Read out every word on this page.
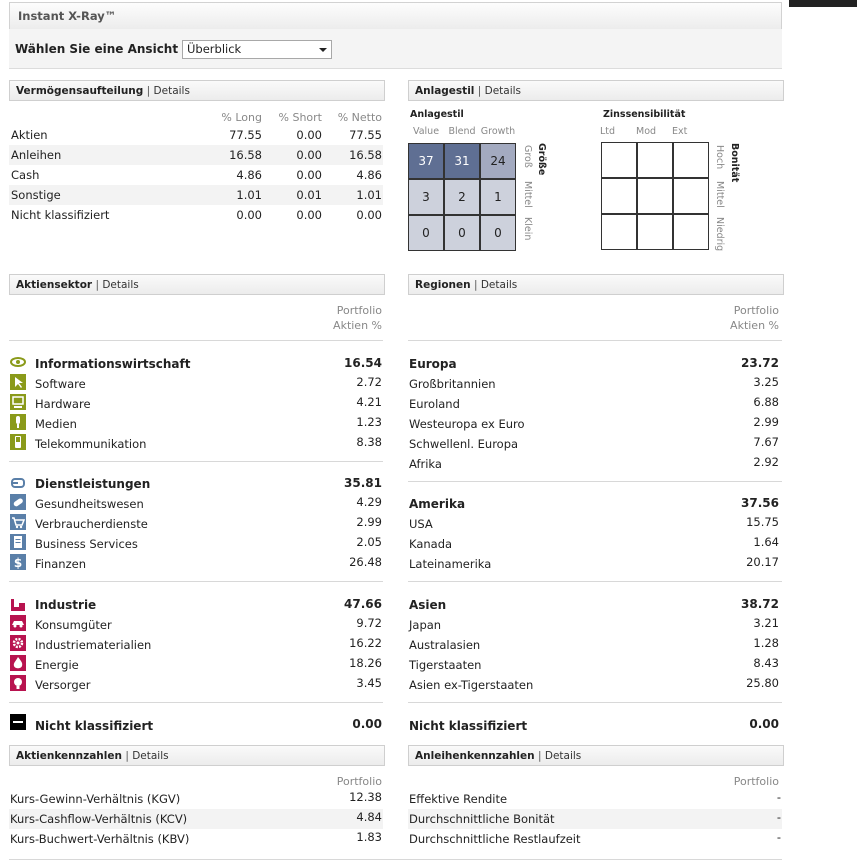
Instant X-Ray™
Wählen Sie eine Ansicht Überblick
Vermögensaufteilung | Details
% Long	% Short	% Netto
Aktien	77.55	0.00	77.55
Anleihen	16.58	0.00	16.58
Cash	4.86	0.00	4.86
Sonstige	1.01	0.01	1.01
Nicht klassifiziert	0.00	0.00	0.00
Anlagestil | Details
Anlagestil	Zinssensibilität
Value Blend Growth
37	31	24
3	2	1
0	0	0
Größe
Groß
Mittel
Klein
Ltd	Mod Ext
Bonität
Hoch
Mittel
Niedrig
Aktiensektor | Details
Portfolio
Aktien %
Informationswirtschaft	16.54
Software	2.72
Hardware	4.21
Medien	1.23
Telekommunikation	8.38
Dienstleistungen	35.81
Gesundheitswesen	4.29
Verbraucherdienste	2.99
Business Services	2.05
$ Finanzen	26.48
Industrie	47.66
Konsumgüter	9.72
Industriematerialien	16.22
Energie	18.26
Versorger	3.45
Nicht klassifiziert	0.00
Regionen | Details
Portfolio
Aktien %
Europa	23.72
Großbritannien	3.25
Euroland	6.88
Westeuropa ex Euro	2.99
Schwellenl. Europa	7.67
Afrika	2.92
Amerika	37.56
USA	15.75
Kanada	1.64
Lateinamerika	20.17
Asien	38.72
Japan	3.21
Australasien	1.28
Tigerstaaten	8.43
Asien ex-Tigerstaaten	25.80
Nicht klassifiziert	0.00
Aktienkennzahlen | Details
Portfolio
Kurs-Gewinn-Verhältnis (KGV)	12.38
Kurs-Cashflow-Verhältnis (KCV)	4.84
Kurs-Buchwert-Verhältnis (KBV)	1.83
Anleihenkennzahlen | Details
Portfolio
Effektive Rendite	-
Durchschnittliche Bonität	-
Durchschnittliche Restlaufzeit	-
